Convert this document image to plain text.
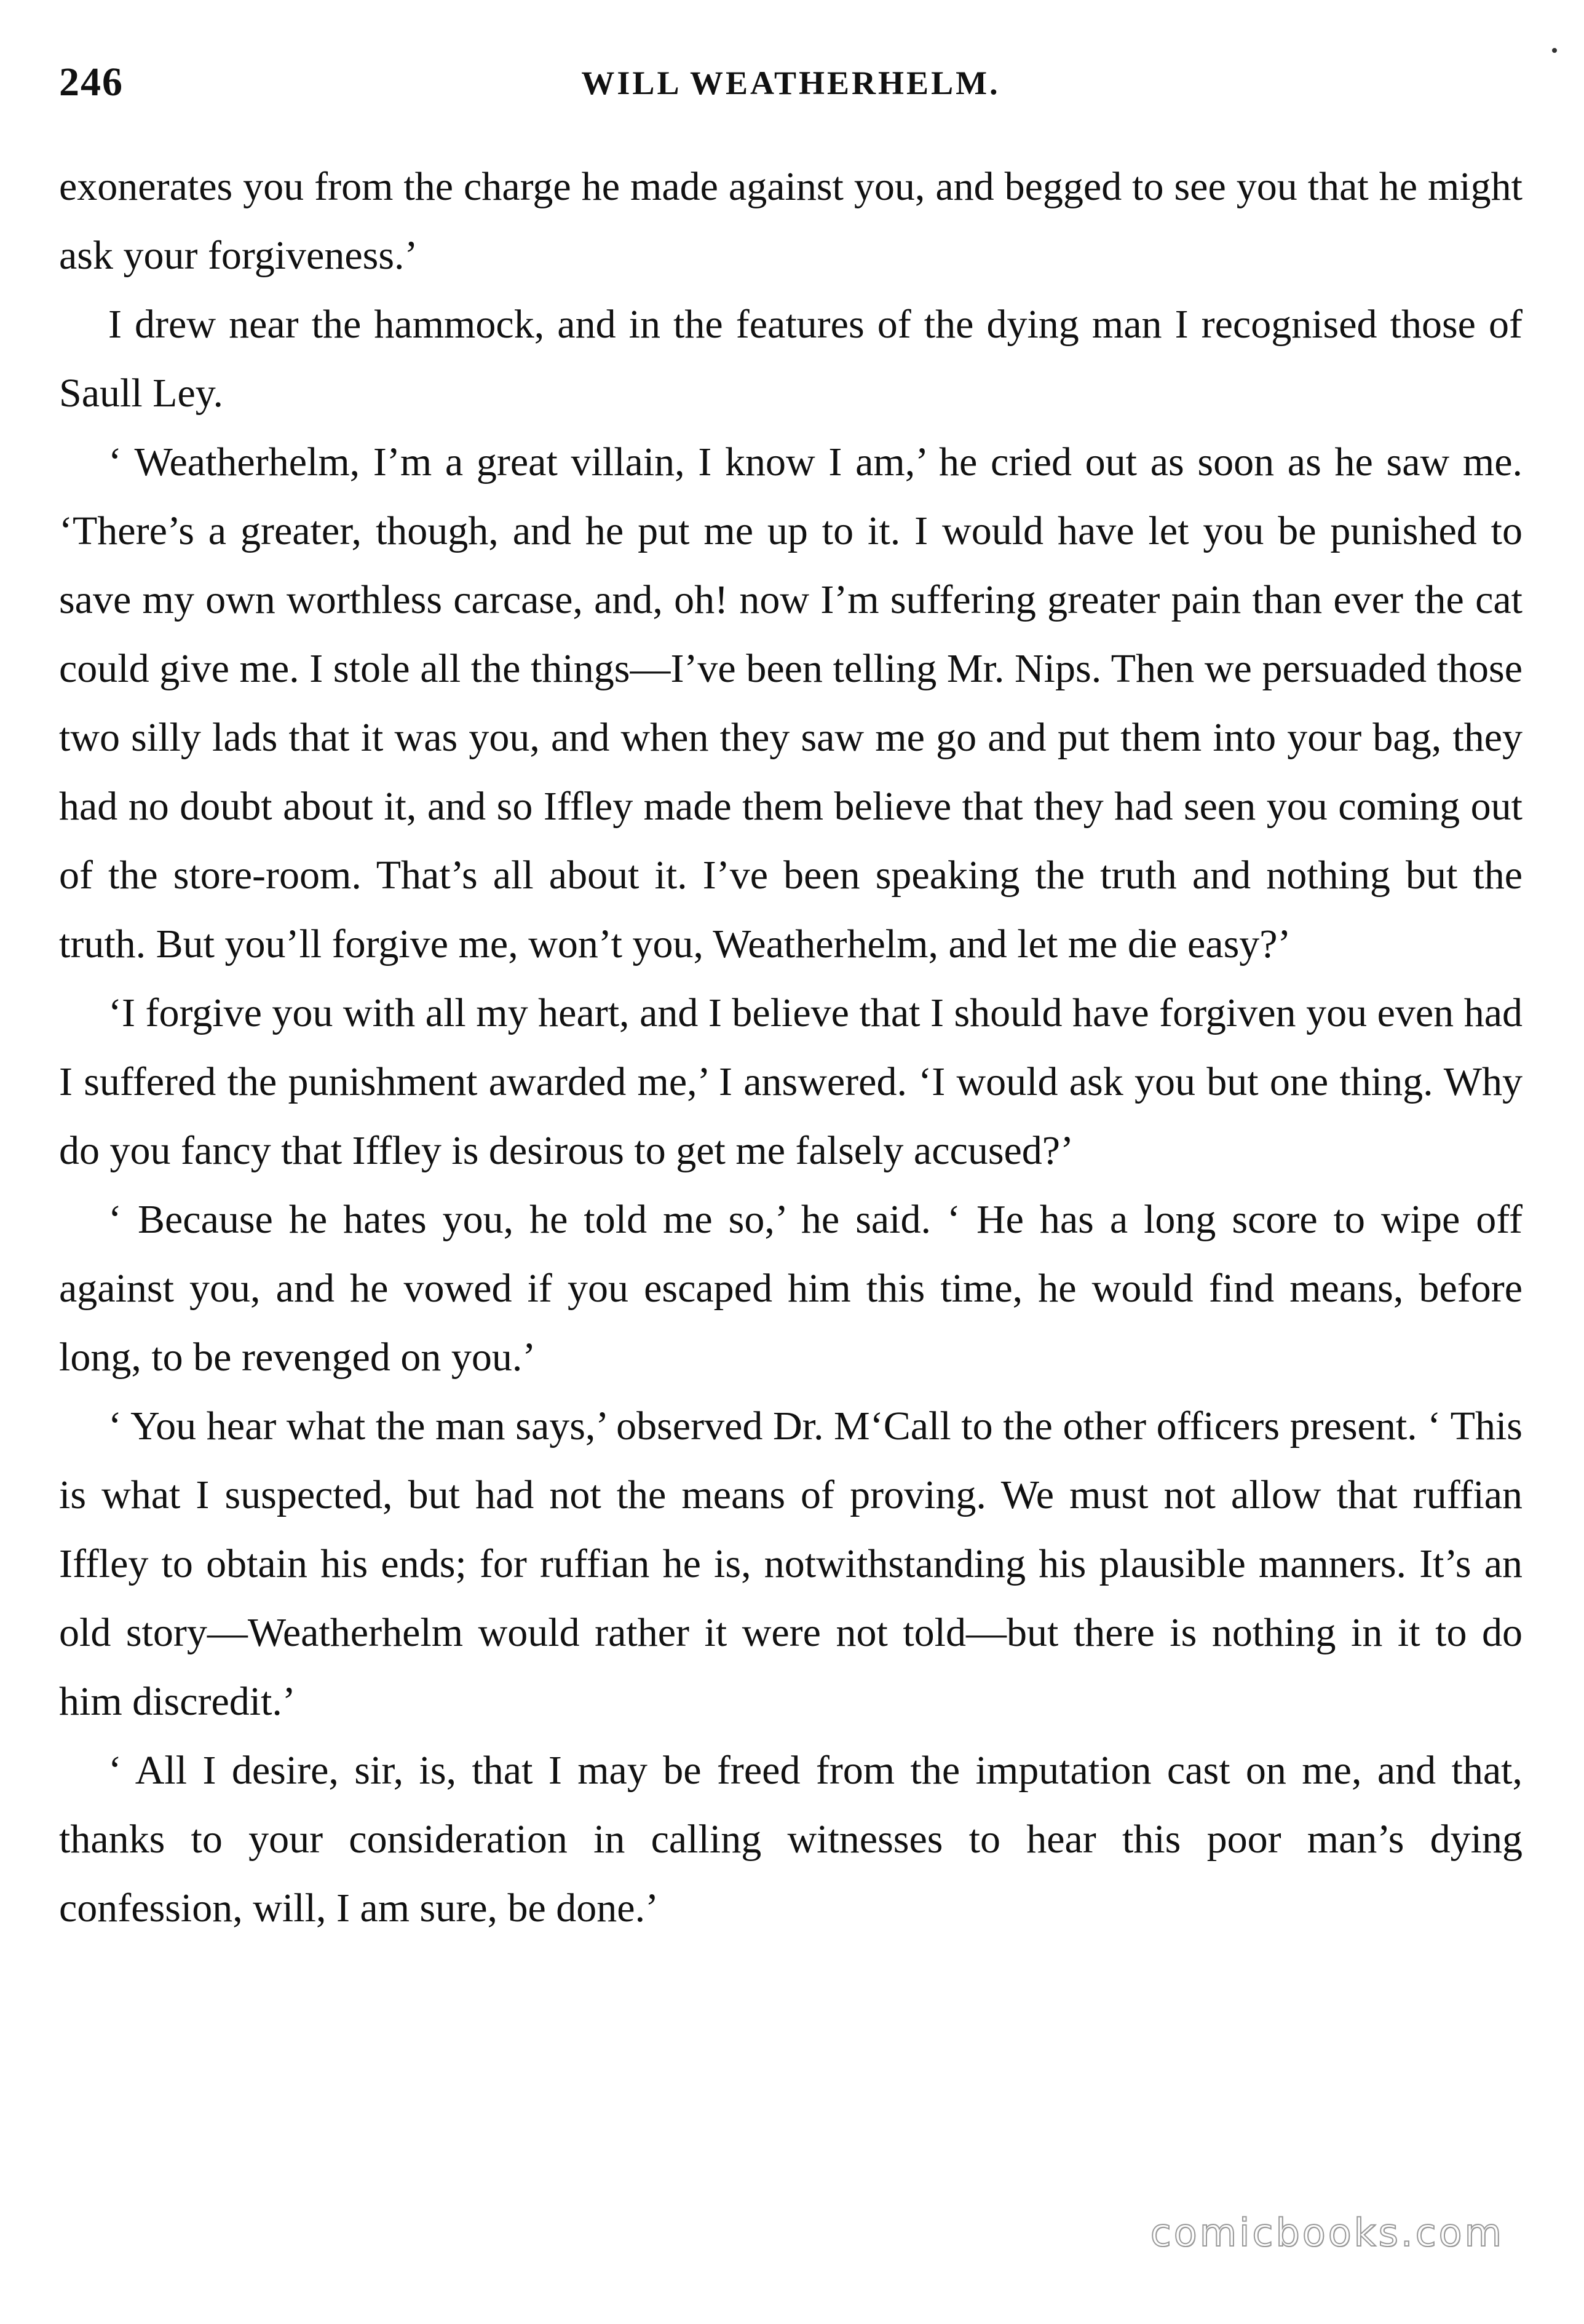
246	WILL WEATHERHELM.

exonerates you from the charge he made against you, and begged to see you that he might ask your forgiveness.’

I drew near the hammock, and in the features of the dying man I recognised those of Saull Ley.

‘ Weatherhelm, I’m a great villain, I know I am,’ he cried out as soon as he saw me. ‘There’s a greater, though, and he put me up to it. I would have let you be punished to save my own worthless carcase, and, oh! now I’m suffering greater pain than ever the cat could give me. I stole all the things—I’ve been telling Mr. Nips. Then we persuaded those two silly lads that it was you, and when they saw me go and put them into your bag, they had no doubt about it, and so Iffley made them believe that they had seen you coming out of the store-room. That’s all about it. I’ve been speaking the truth and nothing but the truth. But you’ll forgive me, won’t you, Weatherhelm, and let me die easy?’

‘I forgive you with all my heart, and I believe that I should have forgiven you even had I suffered the punishment awarded me,’ I answered. ‘I would ask you but one thing. Why do you fancy that Iffley is desirous to get me falsely accused?’

‘ Because he hates you, he told me so,’ he said. ‘ He has a long score to wipe off against you, and he vowed if you escaped him this time, he would find means, before long, to be revenged on you.’

‘ You hear what the man says,’ observed Dr. M‘Call to the other officers present. ‘ This is what I suspected, but had not the means of proving. We must not allow that ruffian Iffley to obtain his ends; for ruffian he is, notwithstanding his plausible manners. It’s an old story—Weatherhelm would rather it were not told—but there is nothing in it to do him discredit.’

‘ All I desire, sir, is, that I may be freed from the imputation cast on me, and that, thanks to your consideration in calling witnesses to hear this poor man’s dying confession, will, I am sure, be done.’

comicbooks.com
